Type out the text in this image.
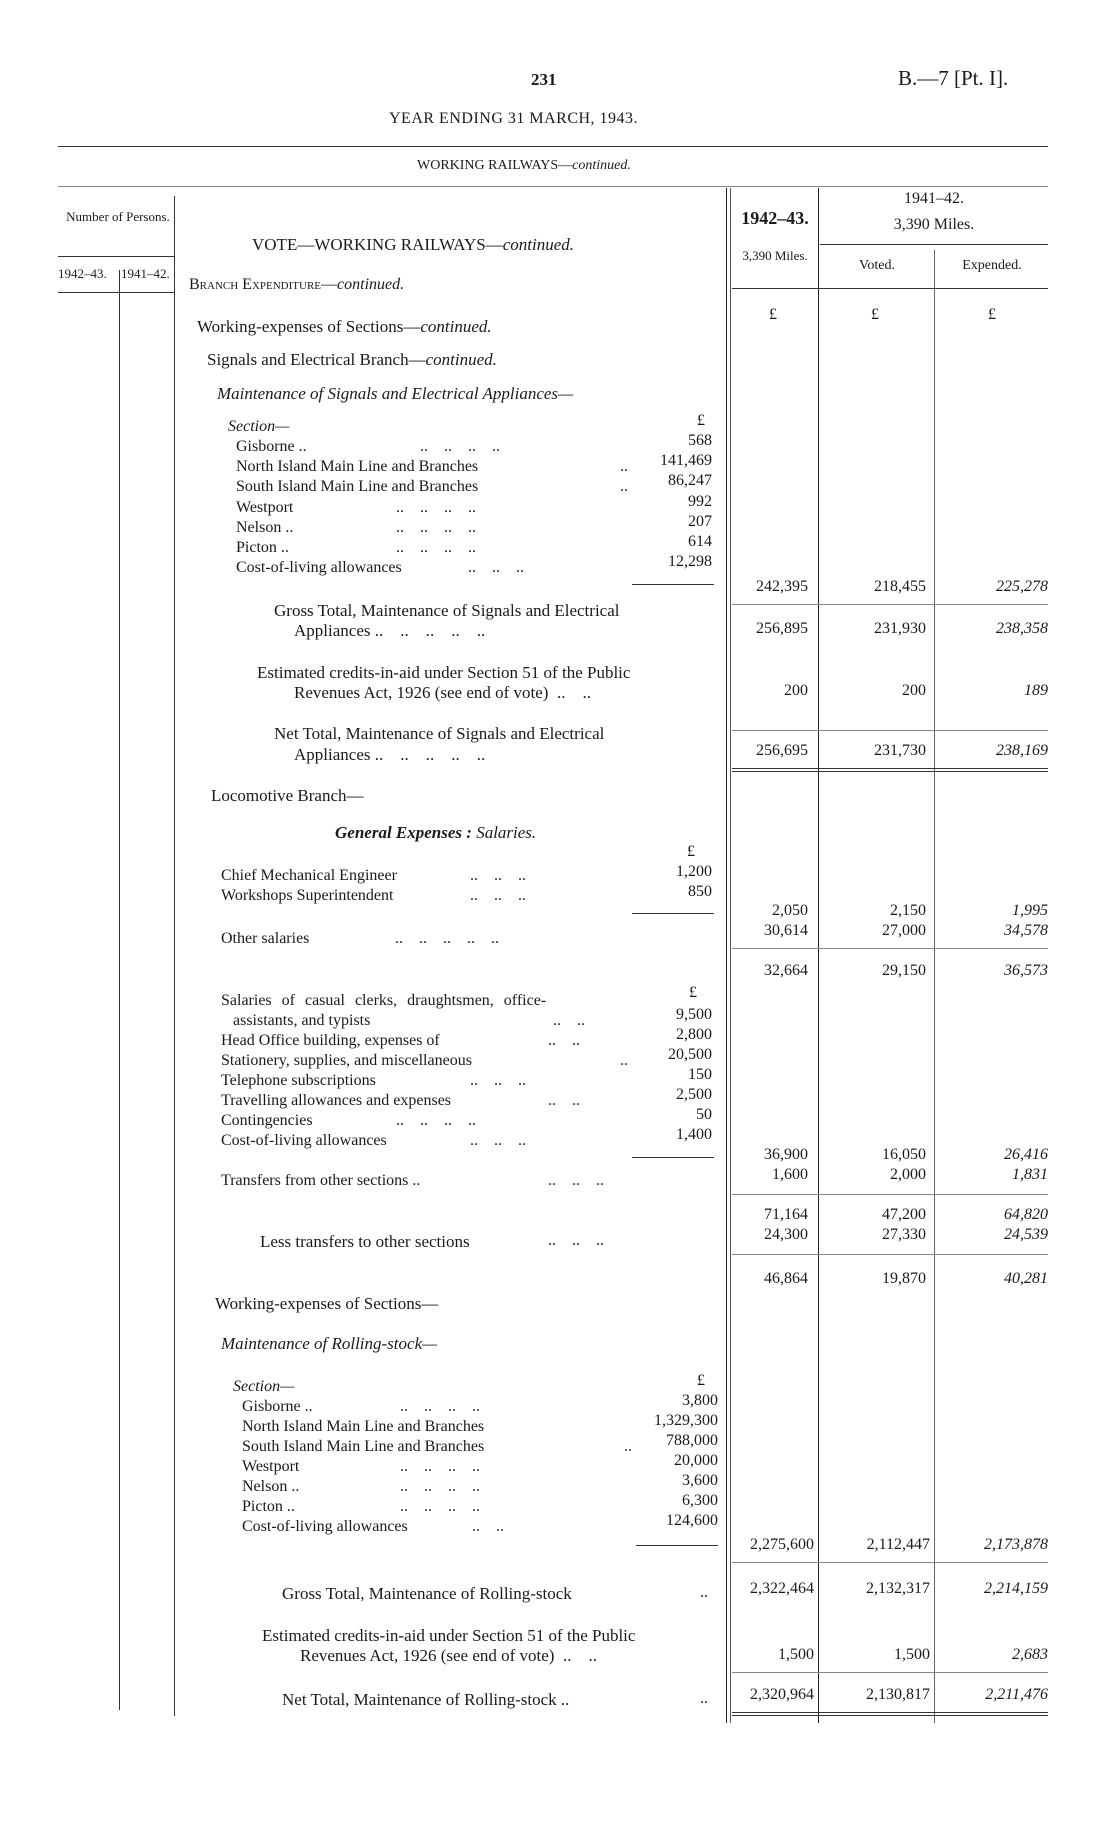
231	B.—7 [Pt. I].
YEAR ENDING 31 MARCH, 1943.
WORKING RAILWAYS—continued.
Number of Persons.
1942–43. 1941–42.
1942–43.
3,390 Miles.
1941–42.
3,390 Miles.
Voted.	Expended.
£	£	£
VOTE—WORKING RAILWAYS—continued.
Branch Expenditure—continued.
Working-expenses of Sections—continued.
Signals and Electrical Branch—continued.
Maintenance of Signals and Electrical Appliances—
Section—	£
Gisborne ..	..    ..    ..    ..	568
North Island Main Line and Branches	..	141,469
South Island Main Line and Branches	..	86,247
Westport	..    ..    ..    ..	992
Nelson ..	..    ..    ..    ..	207
Picton ..	..    ..    ..    ..	614
Cost-of-living allowances	..    ..    ..	12,298
242,395	218,455	225,278
Gross Total, Maintenance of Signals and Electrical
Appliances ..    ..    ..    ..    ..	256,895	231,930	238,358
Estimated credits-in-aid under Section 51 of the Public
Revenues Act, 1926 (see end of vote)  ..    ..	200	200	189
Net Total, Maintenance of Signals and Electrical
Appliances ..    ..    ..    ..    ..	256,695	231,730	238,169
Locomotive Branch—
General Expenses : Salaries.
£
Chief Mechanical Engineer	..    ..    ..	1,200
Workshops Superintendent	..    ..    ..	850
2,050	2,150	1,995
Other salaries	..    ..    ..    ..    ..	30,614	27,000	34,578
32,664	29,150	36,573
£
Salaries of casual clerks, draughtsmen, office-
assistants, and typists	..    ..	9,500
Head Office building, expenses of	..    ..	2,800
Stationery, supplies, and miscellaneous	..	20,500
Telephone subscriptions	..    ..    ..	150
Travelling allowances and expenses	..    ..	2,500
Contingencies	..    ..    ..    ..	50
Cost-of-living allowances	..    ..    ..	1,400
36,900	16,050	26,416
Transfers from other sections ..	..    ..    ..	1,600	2,000	1,831
71,164	47,200	64,820
Less transfers to other sections	..    ..    ..	24,300	27,330	24,539
46,864	19,870	40,281
Working-expenses of Sections—
Maintenance of Rolling-stock—
Section—	£
Gisborne ..	..    ..    ..    ..	3,800
North Island Main Line and Branches	1,329,300
South Island Main Line and Branches	..	788,000
Westport	..    ..    ..    ..	20,000
Nelson ..	..    ..    ..    ..	3,600
Picton ..	..    ..    ..    ..	6,300
Cost-of-living allowances	..    ..	124,600
2,275,600	2,112,447	2,173,878
Gross Total, Maintenance of Rolling-stock	..	2,322,464	2,132,317	2,214,159
Estimated credits-in-aid under Section 51 of the Public
Revenues Act, 1926 (see end of vote)  ..    ..	1,500	1,500	2,683
Net Total, Maintenance of Rolling-stock ..	..	2,320,964	2,130,817	2,211,476
